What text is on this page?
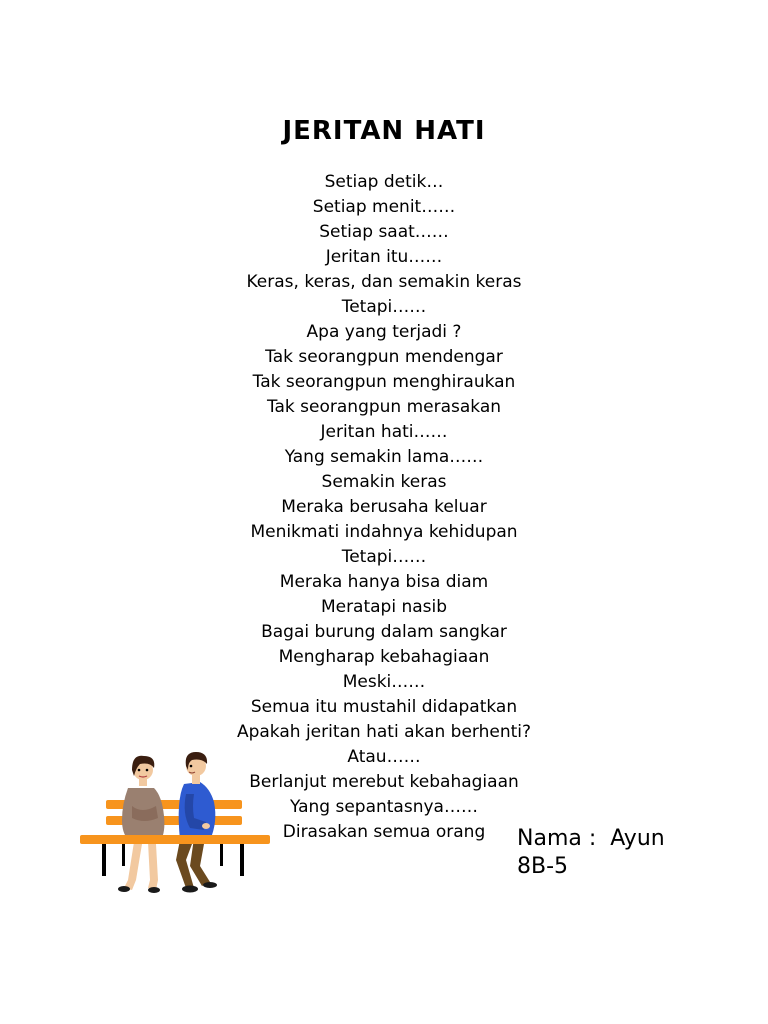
JERITAN HATI
Setiap detik…
Setiap menit……
Setiap saat……
Jeritan itu……
Keras, keras, dan semakin keras
Tetapi……
Apa yang terjadi ?
Tak seorangpun mendengar
Tak seorangpun menghiraukan
Tak seorangpun merasakan
Jeritan hati……
Yang semakin lama……
Semakin keras
Meraka berusaha keluar
Menikmati indahnya kehidupan
Tetapi……
Meraka hanya bisa diam
Meratapi nasib
Bagai burung dalam sangkar
Mengharap kebahagiaan
Meski……
Semua itu mustahil didapatkan
Apakah jeritan hati akan berhenti?
Atau……
Berlanjut merebut kebahagiaan
Yang sepantasnya……
Dirasakan semua orang	Nama :  Ayun
8B-5
